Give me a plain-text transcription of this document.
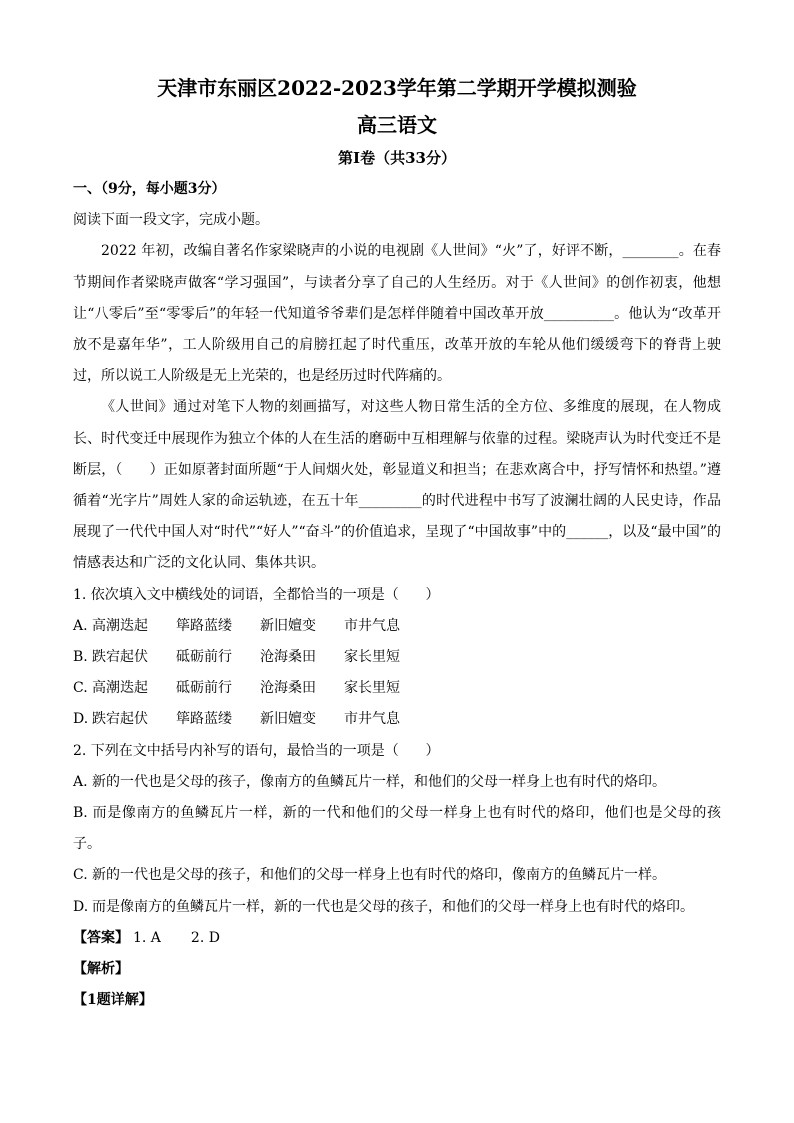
天津市东丽区2022-2023学年第二学期开学模拟测验

高三语文

第I卷（共33分）

一、（9分，每小题3分）

阅读下面一段文字，完成小题。

2022 年初，改编自著名作家梁晓声的小说的电视剧《人世间》“火”了，好评不断，________。在春节期间作者梁晓声做客“学习强国”，与读者分享了自己的人生经历。对于《人世间》的创作初衷，他想让“八零后”至“零零后”的年轻一代知道爷爷辈们是怎样伴随着中国改革开放__________。他认为“改革开放不是嘉年华”，工人阶级用自己的肩膀扛起了时代重压，改革开放的车轮从他们缓缓弯下的脊背上驶过，所以说工人阶级是无上光荣的，也是经历过时代阵痛的。

《人世间》通过对笔下人物的刻画描写，对这些人物日常生活的全方位、多维度的展现，在人物成长、时代变迁中展现作为独立个体的人在生活的磨砺中互相理解与依靠的过程。梁晓声认为时代变迁不是断层，（      ）正如原著封面所题“于人间烟火处，彰显道义和担当；在悲欢离合中，抒写情怀和热望。”遵循着“光字片”周姓人家的命运轨迹，在五十年_________的时代进程中书写了波澜壮阔的人民史诗，作品展现了一代代中国人对“时代”“好人”“奋斗”的价值追求，呈现了“中国故事”中的______，以及“最中国”的情感表达和广泛的文化认同、集体共识。

1. 依次填入文中横线处的词语，全都恰当的一项是（      ）

A. 高潮迭起 筚路蓝缕 新旧嬗变 市井气息
B. 跌宕起伏 砥砺前行 沧海桑田 家长里短
C. 高潮迭起 砥砺前行 沧海桑田 家长里短
D. 跌宕起伏 筚路蓝缕 新旧嬗变 市井气息

2. 下列在文中括号内补写的语句，最恰当的一项是（      ）

A. 新的一代也是父母的孩子，像南方的鱼鳞瓦片一样，和他们的父母一样身上也有时代的烙印。

B. 而是像南方的鱼鳞瓦片一样，新的一代和他们的父母一样身上也有时代的烙印，他们也是父母的孩子。

C. 新的一代也是父母的孩子，和他们的父母一样身上也有时代的烙印，像南方的鱼鳞瓦片一样。

D. 而是像南方的鱼鳞瓦片一样，新的一代也是父母的孩子，和他们的父母一样身上也有时代的烙印。

【答案】 1. A 2. D

【解析】

【1题详解】
